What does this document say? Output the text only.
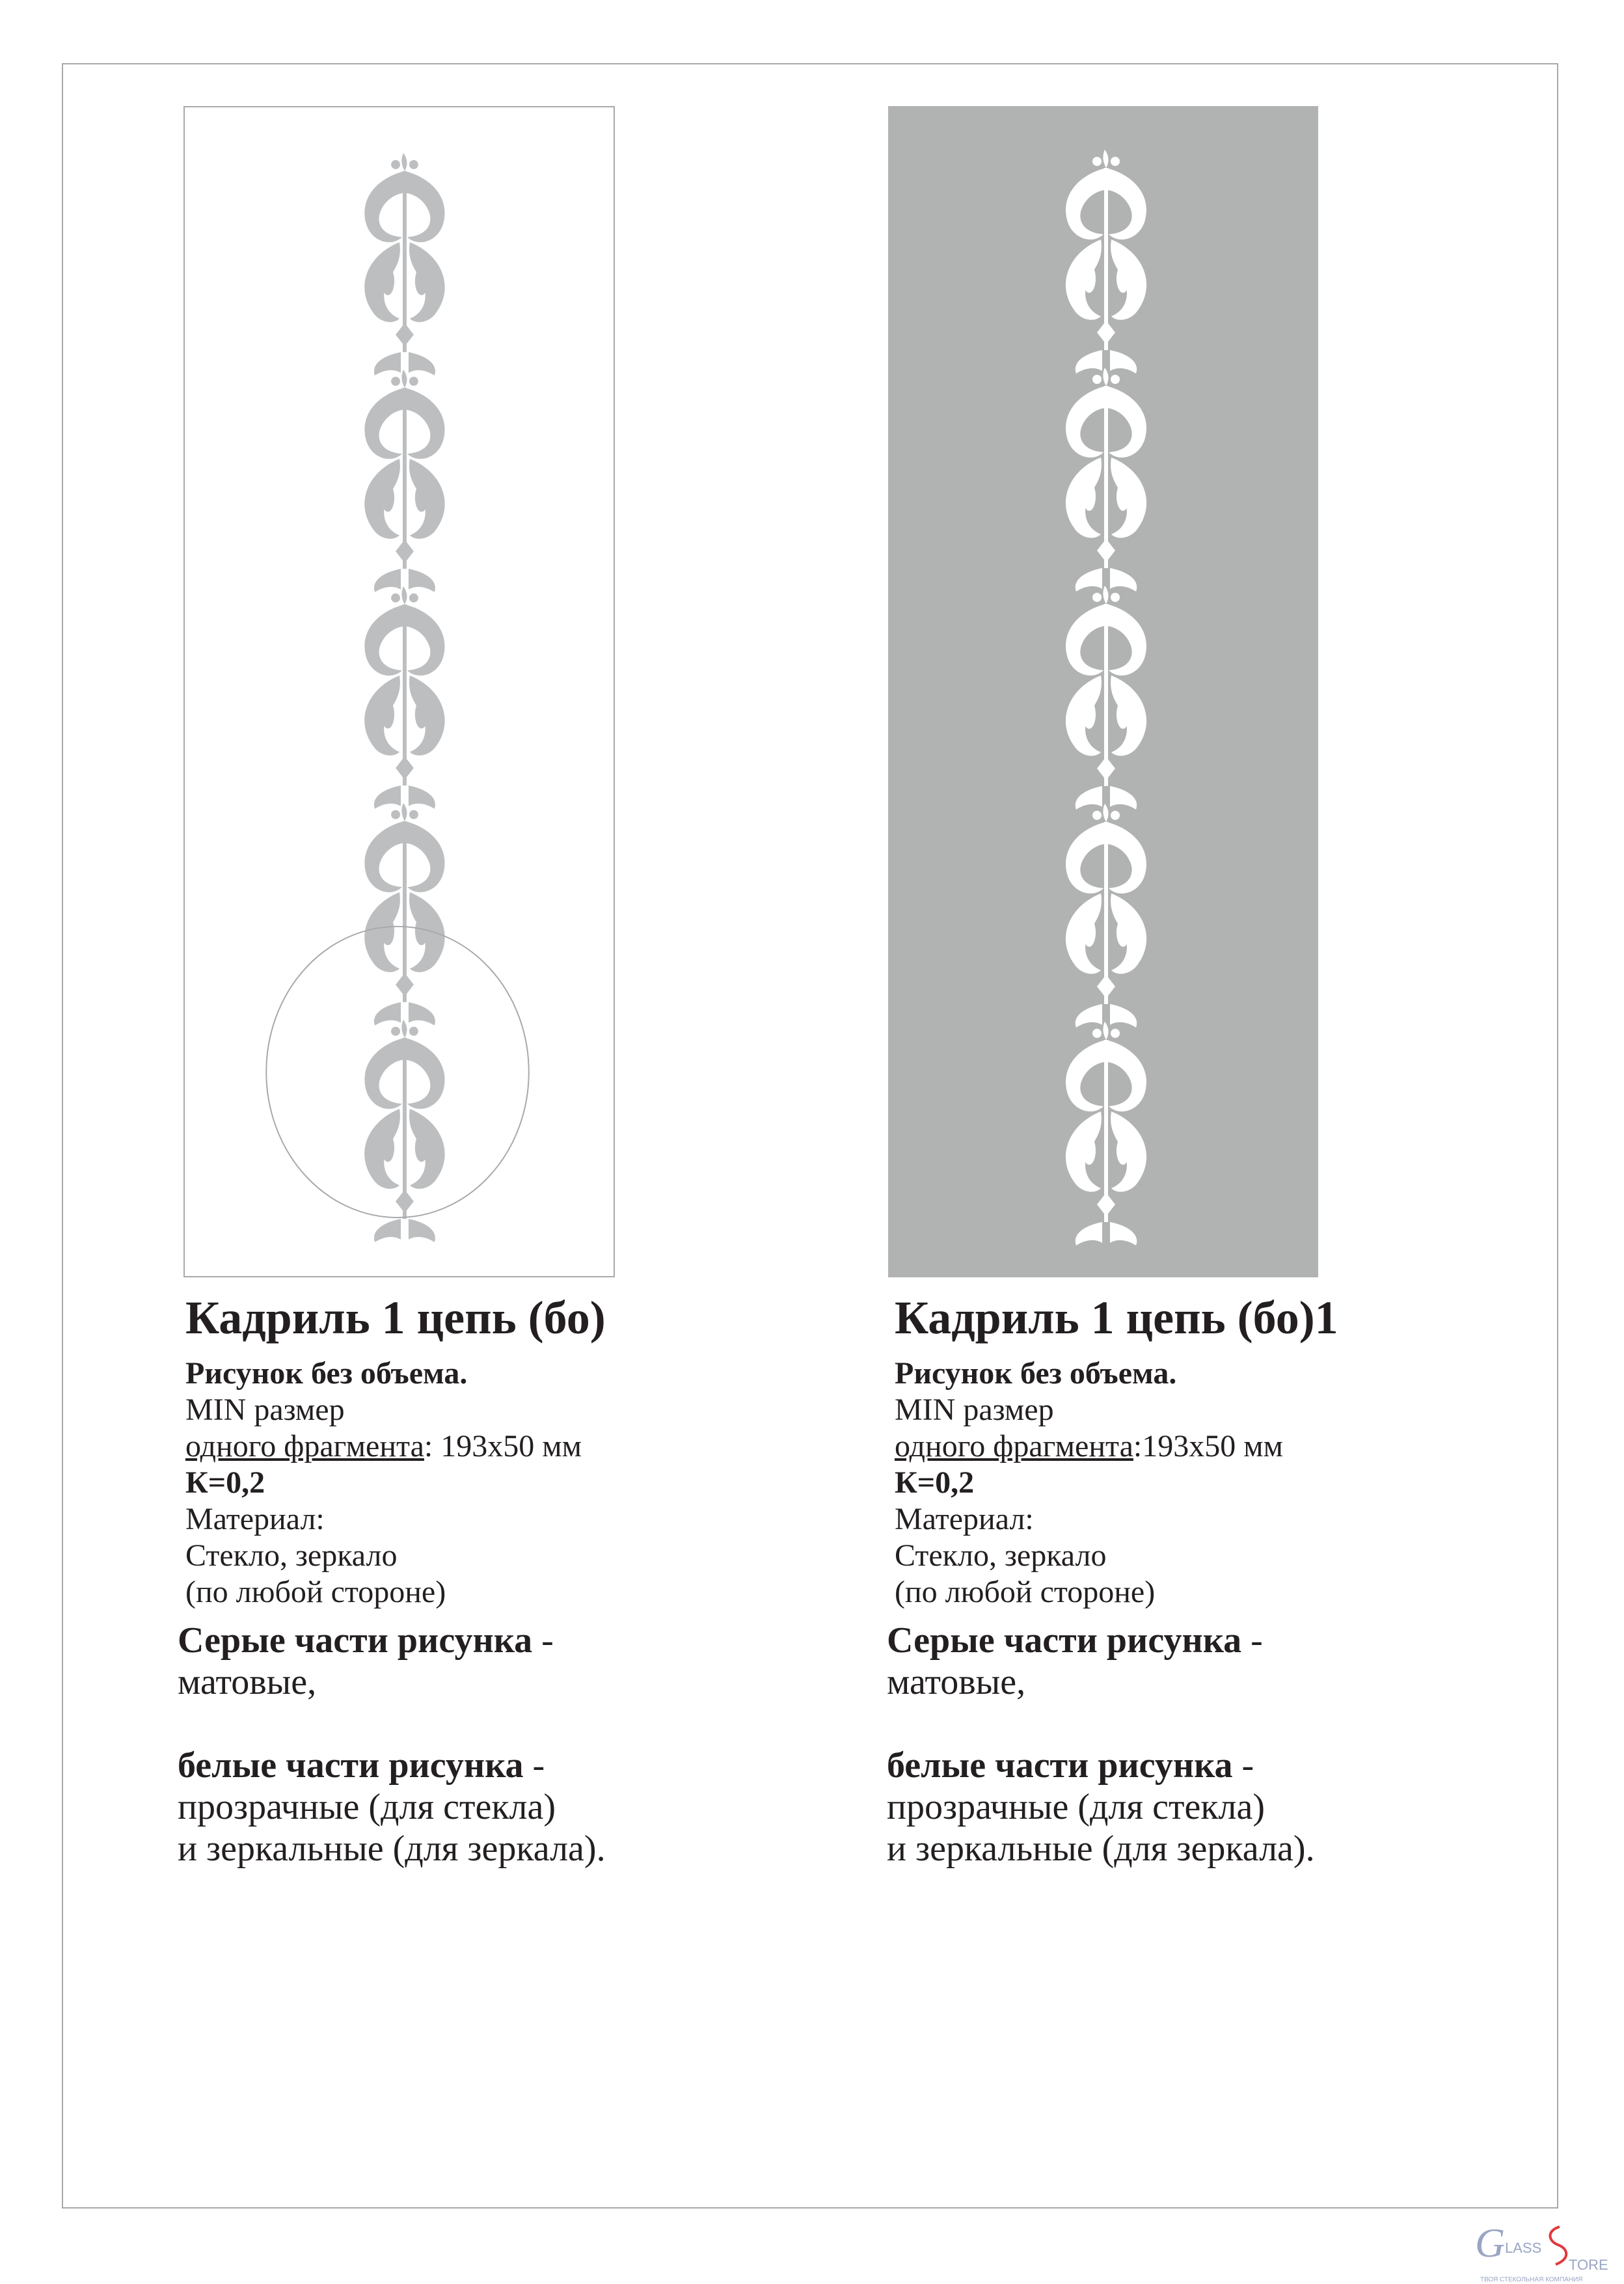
Кадриль 1 цепь (бо)
Рисунок без объема.
MIN размер
одного фрагмента: 193х50 мм
К=0,2
Материал:
Стекло, зеркало
(по любой стороне)
Серые части рисунка -
матовые,
белые части рисунка -
прозрачные (для стекла)
и зеркальные (для зеркала).
Кадриль 1 цепь (бо)1
Рисунок без объема.
MIN размер
одного фрагмента:193х50 мм
К=0,2
Материал:
Стекло, зеркало
(по любой стороне)
Серые части рисунка -
матовые,
белые части рисунка -
прозрачные (для стекла)
и зеркальные (для зеркала).
G LASS
TORE
ТВОЯ СТЕКОЛЬНАЯ КОМПАНИЯ
